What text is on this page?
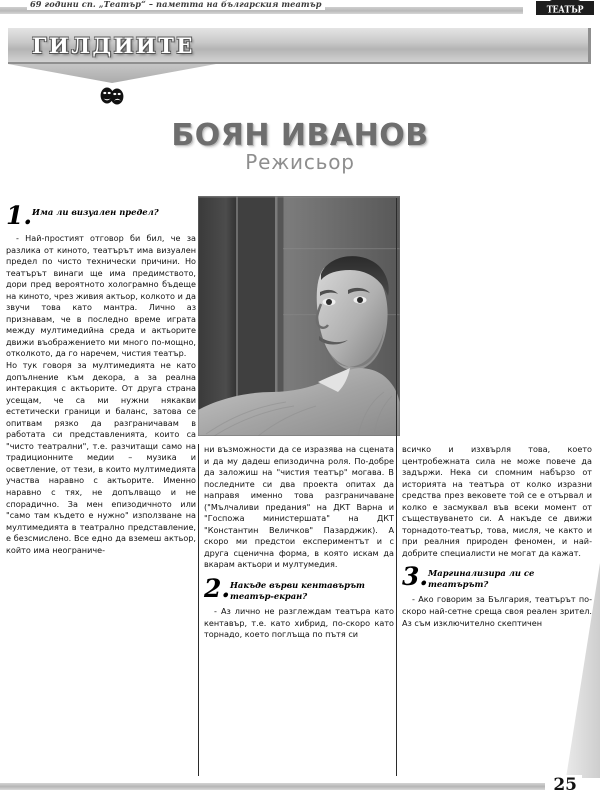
69 години сп. „Театър“ – паметта на българския театър	ТЕАТЪР
ГИЛДИИТЕ
БОЯН ИВАНОВ
Режисьор
1. Има ли визуален предел?

- Най-простият отговор би бил, че за разлика от киното, театърът има визуален предел по чисто технически причини. Но театърът винаги ще има предимството, дори пред вероятното холограмно бъдеще на киното, чрез живия актьор, колкото и да звучи това като мантра. Лично аз признавам, че в последно време играта между мултимедийна среда и актьорите движи въображението ми много по-мощно, отколкото, да го наречем, чистия театър.

Но тук говоря за мултимедията не като допълнение към декора, а за реална интеракция с актьорите. От друга страна усещам, че са ми нужни някакви естетически граници и баланс, затова се опитвам рязко да разграничавам в работата си представленията, които са "чисто театрални", т.е. разчитащи само на традиционните медии – музика и осветление, от тези, в които мултимедията участва наравно с актьорите. Именно наравно с тях, не допълващо и не спорадично. За мен епизодичното или "само там където е нужно" използване на мултимедията в театрално представление, е безсмислено. Все едно да вземеш актьор, който има неограниче-

ни възможности да се изразява на сцената и да му дадеш епизодична роля. По-добре да заложиш на "чистия театър" могава. В последните си два проекта опитах да направя именно това разграничаване ("Мълчаливи предания" на ДКТ Варна и "Госпожа министершата" на ДКТ "Константин Величков" Пазарджик). А скоро ми предстои експериментът и с друга сценична форма, в която искам да вкарам актьори и мултумедия.

2. Накъде върви кентавърът театър-екран?

- Аз лично не разглеждам театъра като кентавър, т.е. като хибрид, по-скоро като торнадо, което поглъща по пътя си

всичко и изхвърля това, което центробежната сила не може повече да задържи. Нека си спомним набързо от историята на театъра от колко изразни средства през вековете той се е отървал и колко е засмуквал във всеки момент от съществуването си. А накъде се движи торнадото-театър, това, мисля, че както и при реалния природен феномен, и най-добрите специалисти не могат да кажат.

3. Маргинализира ли се театърът?

- Ако говорим за България, театърът по-скоро най-сетне среща своя реален зрител. Аз съм изключително скептичен

25
